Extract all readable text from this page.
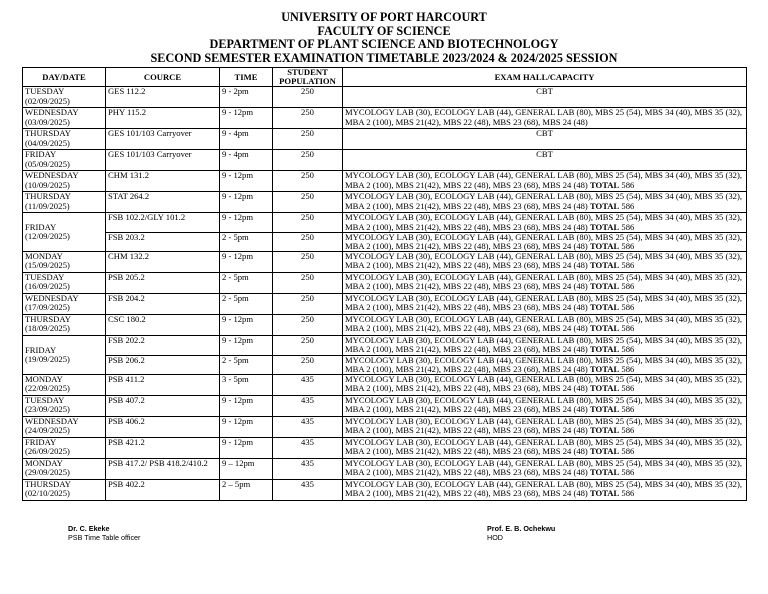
UNIVERSITY OF PORT HARCOURT
FACULTY OF SCIENCE
DEPARTMENT OF PLANT SCIENCE AND BIOTECHNOLOGY
SECOND SEMESTER EXAMINATION TIMETABLE 2023/2024 & 2024/2025 SESSION
DAY/DATE	COURCE	TIME	STUDENT POPULATION	EXAM HALL/CAPACITY

TUESDAY
(02/09/2025)	GES 112.2	9 - 2pm	250	CBT

WEDNESDAY
(03/09/2025)	PHY 115.2	9 - 12pm	250	MYCOLOGY LAB (30), ECOLOGY LAB (44), GENERAL LAB (80), MBS 25 (54), MBS 34 (40), MBS 35 (32), MBA 2 (100), MBS 21(42), MBS 22 (48), MBS 23 (68), MBS 24 (48)

THURSDAY
(04/09/2025)	GES 101/103 Carryover	9 - 4pm	250	CBT

FRIDAY
(05/09/2025)	GES 101/103 Carryover	9 - 4pm	250	CBT

WEDNESDAY
(10/09/2025)	CHM 131.2	9 - 12pm	250	MYCOLOGY LAB (30), ECOLOGY LAB (44), GENERAL LAB (80), MBS 25 (54), MBS 34 (40), MBS 35 (32), MBA 2 (100), MBS 21(42), MBS 22 (48), MBS 23 (68), MBS 24 (48) TOTAL 586

THURSDAY
(11/09/2025)	STAT 264.2	9 - 12pm	250	MYCOLOGY LAB (30), ECOLOGY LAB (44), GENERAL LAB (80), MBS 25 (54), MBS 34 (40), MBS 35 (32), MBA 2 (100), MBS 21(42), MBS 22 (48), MBS 23 (68), MBS 24 (48) TOTAL 586

FRIDAY
(12/09/2025)	FSB 102.2/GLY 101.2	9 - 12pm	250	MYCOLOGY LAB (30), ECOLOGY LAB (44), GENERAL LAB (80), MBS 25 (54), MBS 34 (40), MBS 35 (32), MBA 2 (100), MBS 21(42), MBS 22 (48), MBS 23 (68), MBS 24 (48) TOTAL 586
	FSB 203.2	2 - 5pm	250	MYCOLOGY LAB (30), ECOLOGY LAB (44), GENERAL LAB (80), MBS 25 (54), MBS 34 (40), MBS 35 (32), MBA 2 (100), MBS 21(42), MBS 22 (48), MBS 23 (68), MBS 24 (48) TOTAL 586

MONDAY
(15/09/2025)	CHM 132.2	9 - 12pm	250	MYCOLOGY LAB (30), ECOLOGY LAB (44), GENERAL LAB (80), MBS 25 (54), MBS 34 (40), MBS 35 (32), MBA 2 (100), MBS 21(42), MBS 22 (48), MBS 23 (68), MBS 24 (48) TOTAL 586

TUESDAY
(16/09/2025)	PSB 205.2	2 - 5pm	250	MYCOLOGY LAB (30), ECOLOGY LAB (44), GENERAL LAB (80), MBS 25 (54), MBS 34 (40), MBS 35 (32), MBA 2 (100), MBS 21(42), MBS 22 (48), MBS 23 (68), MBS 24 (48) TOTAL 586

WEDNESDAY
(17/09/2025)	FSB 204.2	2 - 5pm	250	MYCOLOGY LAB (30), ECOLOGY LAB (44), GENERAL LAB (80), MBS 25 (54), MBS 34 (40), MBS 35 (32), MBA 2 (100), MBS 21(42), MBS 22 (48), MBS 23 (68), MBS 24 (48) TOTAL 586

THURSDAY
(18/09/2025)	CSC 180.2	9 - 12pm	250	MYCOLOGY LAB (30), ECOLOGY LAB (44), GENERAL LAB (80), MBS 25 (54), MBS 34 (40), MBS 35 (32), MBA 2 (100), MBS 21(42), MBS 22 (48), MBS 23 (68), MBS 24 (48) TOTAL 586

FRIDAY
(19/09/2025)	FSB 202.2	9 - 12pm	250	MYCOLOGY LAB (30), ECOLOGY LAB (44), GENERAL LAB (80), MBS 25 (54), MBS 34 (40), MBS 35 (32), MBA 2 (100), MBS 21(42), MBS 22 (48), MBS 23 (68), MBS 24 (48) TOTAL 586
	PSB 206.2	2 - 5pm	250	MYCOLOGY LAB (30), ECOLOGY LAB (44), GENERAL LAB (80), MBS 25 (54), MBS 34 (40), MBS 35 (32), MBA 2 (100), MBS 21(42), MBS 22 (48), MBS 23 (68), MBS 24 (48) TOTAL 586

MONDAY
(22/09/2025)	PSB 411.2	3 - 5pm	435	MYCOLOGY LAB (30), ECOLOGY LAB (44), GENERAL LAB (80), MBS 25 (54), MBS 34 (40), MBS 35 (32), MBA 2 (100), MBS 21(42), MBS 22 (48), MBS 23 (68), MBS 24 (48) TOTAL 586

TUESDAY
(23/09/2025)	PSB 407.2	9 - 12pm	435	MYCOLOGY LAB (30), ECOLOGY LAB (44), GENERAL LAB (80), MBS 25 (54), MBS 34 (40), MBS 35 (32), MBA 2 (100), MBS 21(42), MBS 22 (48), MBS 23 (68), MBS 24 (48) TOTAL 586

WEDNESDAY
(24/09/2025)	PSB 406.2	9 - 12pm	435	MYCOLOGY LAB (30), ECOLOGY LAB (44), GENERAL LAB (80), MBS 25 (54), MBS 34 (40), MBS 35 (32), MBA 2 (100), MBS 21(42), MBS 22 (48), MBS 23 (68), MBS 24 (48) TOTAL 586

FRIDAY
(26/09/2025)	PSB 421.2	9 - 12pm	435	MYCOLOGY LAB (30), ECOLOGY LAB (44), GENERAL LAB (80), MBS 25 (54), MBS 34 (40), MBS 35 (32), MBA 2 (100), MBS 21(42), MBS 22 (48), MBS 23 (68), MBS 24 (48) TOTAL 586

MONDAY
(29/09/2025)	PSB 417.2/ PSB 418.2/410.2	9 – 12pm	435	MYCOLOGY LAB (30), ECOLOGY LAB (44), GENERAL LAB (80), MBS 25 (54), MBS 34 (40), MBS 35 (32), MBA 2 (100), MBS 21(42), MBS 22 (48), MBS 23 (68), MBS 24 (48) TOTAL 586

THURSDAY
(02/10/2025)	PSB 402.2	2 – 5pm	435	MYCOLOGY LAB (30), ECOLOGY LAB (44), GENERAL LAB (80), MBS 25 (54), MBS 34 (40), MBS 35 (32), MBA 2 (100), MBS 21(42), MBS 22 (48), MBS 23 (68), MBS 24 (48) TOTAL 586
Dr. C. Ekeke
PSB Time Table officer
Prof. E. B. Ochekwu
HOD
